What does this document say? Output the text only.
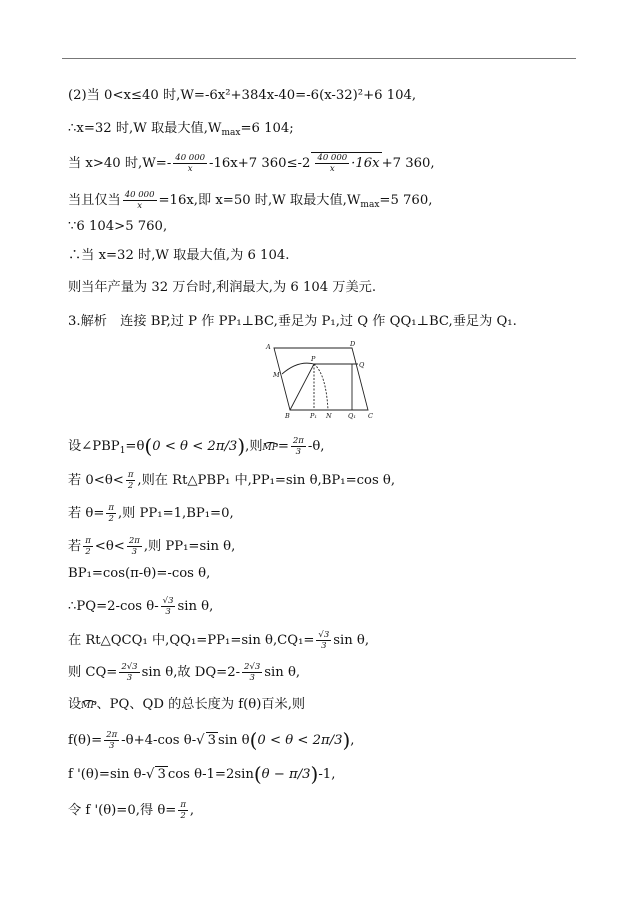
(2)当 0<x≤40 时,W=-6x²+384x-40=-6(x-32)²+6 104,
∴x=32 时,W 取最大值$,W_{max}=6$ 104;
当 x>40 时$,W=- \frac{40 000}{x} -16x+7$ $360\le-2 \frac{40 000}{x} \cdot 16x +7$ 360,
当且仅当 $\frac{40 000}{x} =16x$,即 x=50 时,W 取最大值$,W_{max}=5$ 760,
∵6 104>5 760,
∴当 x=32 时,W 取最大值,为 6 104.
则当年产量为 32 万台时,利润最大,为 6 104 万美元.
3.解析　连接 BP,过 P 作 PP₁⊥BC,垂足为 P₁,过 Q 作 QQ₁⊥BC,垂足为 Q₁.
A	D
M
P
Q
B	P₁ N	Q₁ C
设$\angle PBP_1=\theta(0 < \theta < 2\pi/3)$,则$MP= \frac{2\pi}{3} -\theta$,
若 $0<\theta< \frac{\pi}{2}$ ,则在 Rt△PBP₁ 中,PP₁=sin θ,BP₁=cos θ,
若 $\theta= \frac{\pi}{2}$ ,则 PP₁=1,BP₁=0,
若 $\frac{\pi}{2} <\theta< \frac{2\pi}{3}$ ,则 PP₁=sin θ,
BP₁=cos(π-θ)=-cos θ,
∴PQ=2-cos $\theta- \frac{√3}{3}$ sin θ,
在 Rt△QCQ₁ 中,QQ₁=PP₁=sin $\theta,CQ_1= \frac{√3}{3}$ sin θ,
则 $CQ= \frac{2√3}{3}$ sin θ,故 $DQ=2- \frac{2√3}{3}$ sin θ,
设MP、PQ、QD 的总长度为 f(θ)百米,则
$f(\theta)= \frac{2\pi}{3} -\theta+4-\cos$ θ-√ 3 sin θ(0 < θ < 2π/3),
f '(θ)=sin θ-√ 3 cos θ-1=2sin(θ − π/3)-1,
令 f '(θ)=0,得 $\theta= \frac{\pi}{2}$ ,
